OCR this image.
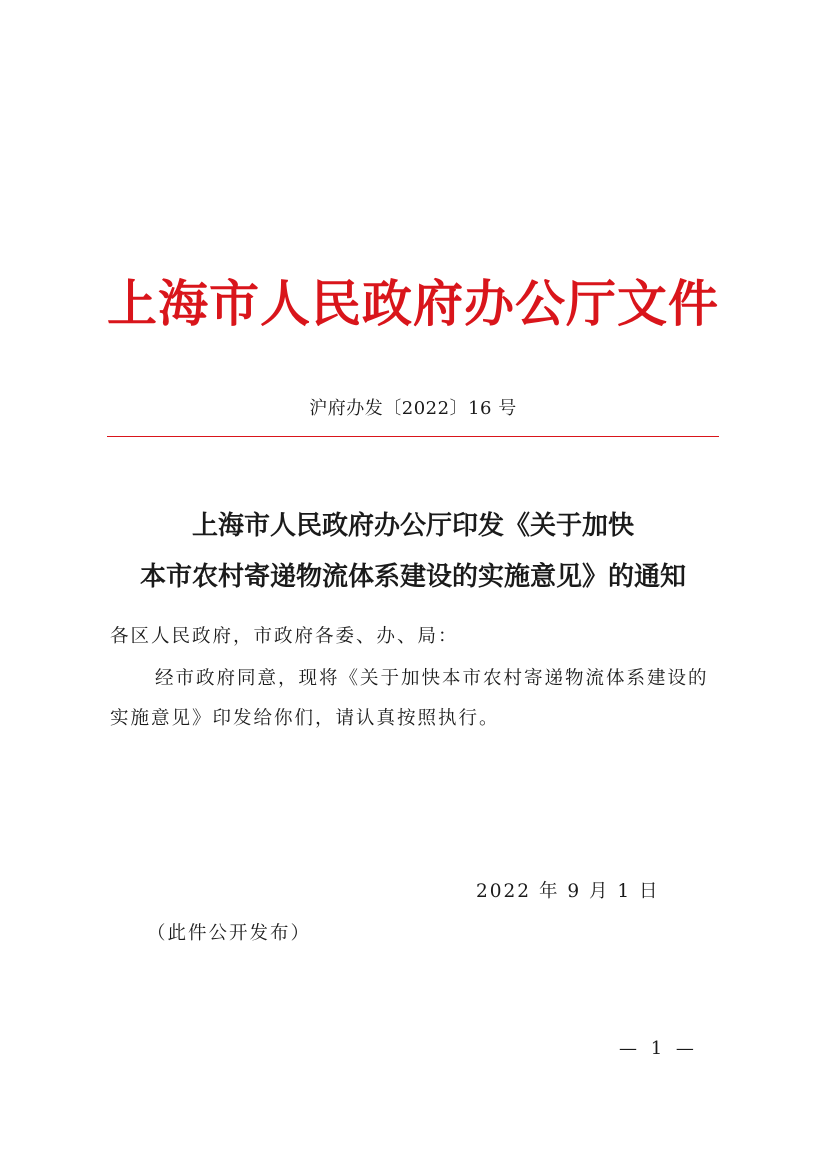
上海市人民政府办公厅文件
沪府办发〔2022〕16 号
上海市人民政府办公厅印发《关于加快
本市农村寄递物流体系建设的实施意见》的通知
各区人民政府，市政府各委、办、局：
经市政府同意，现将《关于加快本市农村寄递物流体系建设的
实施意见》印发给你们，请认真按照执行。
2022 年 9 月 1 日
（此件公开发布）
— 1 —
